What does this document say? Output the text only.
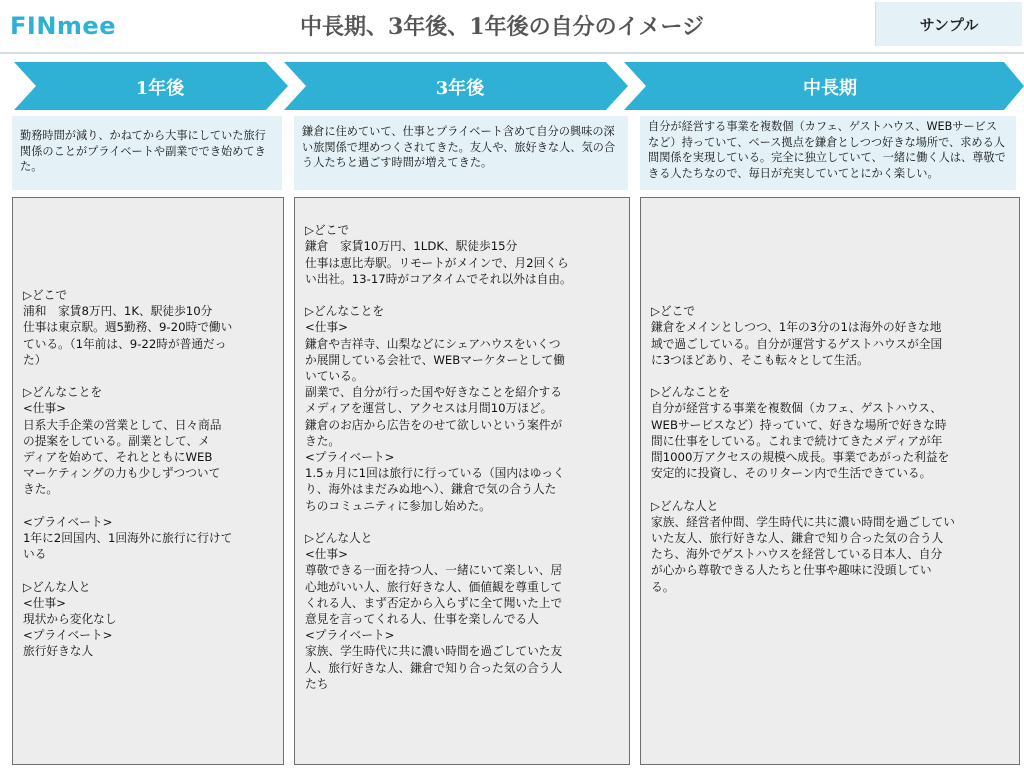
FINmee	中長期、3年後、1年後の自分のイメージ	サンプル
1年後	3年後	中長期
勤務時間が減り、かねてから大事にしていた旅行関係のことがプライベートや副業ででき始めてきた。
鎌倉に住めていて、仕事とプライベート含めて自分の興味の深い旅関係で埋めつくされてきた。友人や、旅好きな人、気の合う人たちと過ごす時間が増えてきた。
自分が経営する事業を複数個（カフェ、ゲストハウス、WEBサービスなど）持っていて、ベース拠点を鎌倉としつつ好きな場所で、求める人間関係を実現している。完全に独立していて、一緒に働く人は、尊敬できる人たちなので、毎日が充実していてとにかく楽しい。
▷どこで
浦和　家賃8万円、1K、駅徒歩10分
仕事は東京駅。週5勤務、9-20時で働い
ている。（1年前は、9-22時が普通だっ
た）
▷どんなことを
<仕事>
日系大手企業の営業として、日々商品
の提案をしている。副業として、メ
ディアを始めて、それとともにWEB
マーケティングの力も少しずつついて
きた。
<プライベート>
1年に2回国内、1回海外に旅行に行けて
いる
▷どんな人と
<仕事>
現状から変化なし
<プライベート>
旅行好きな人
▷どこで
鎌倉　家賃10万円、1LDK、駅徒歩15分
仕事は恵比寿駅。リモートがメインで、月2回くら
い出社。13-17時がコアタイムでそれ以外は自由。
▷どんなことを
<仕事>
鎌倉や吉祥寺、山梨などにシェアハウスをいくつ
か展開している会社で、WEBマーケターとして働
いている。
副業で、自分が行った国や好きなことを紹介する
メディアを運営し、アクセスは月間10万ほど。
鎌倉のお店から広告をのせて欲しいという案件が
きた。
<プライベート>
1.5ヵ月に1回は旅行に行っている（国内はゆっく
り、海外はまだみぬ地へ）、鎌倉で気の合う人た
ちのコミュニティに参加し始めた。
▷どんな人と
<仕事>
尊敬できる一面を持つ人、一緒にいて楽しい、居
心地がいい人、旅行好きな人、価値観を尊重して
くれる人、まず否定から入らずに全て聞いた上で
意見を言ってくれる人、仕事を楽しんでる人
<プライベート>
家族、学生時代に共に濃い時間を過ごしていた友
人、旅行好きな人、鎌倉で知り合った気の合う人
たち
▷どこで
鎌倉をメインとしつつ、1年の3分の1は海外の好きな地
域で過ごしている。自分が運営するゲストハウスが全国
に3つほどあり、そこも転々として生活。
▷どんなことを
自分が経営する事業を複数個（カフェ、ゲストハウス、
WEBサービスなど）持っていて、好きな場所で好きな時
間に仕事をしている。これまで続けてきたメディアが年
間1000万アクセスの規模へ成長。事業であがった利益を
安定的に投資し、そのリターン内で生活できている。
▷どんな人と
家族、経営者仲間、学生時代に共に濃い時間を過ごしてい
いた友人、旅行好きな人、鎌倉で知り合った気の合う人
たち、海外でゲストハウスを経営している日本人、自分
が心から尊敬できる人たちと仕事や趣味に没頭してい
る。
